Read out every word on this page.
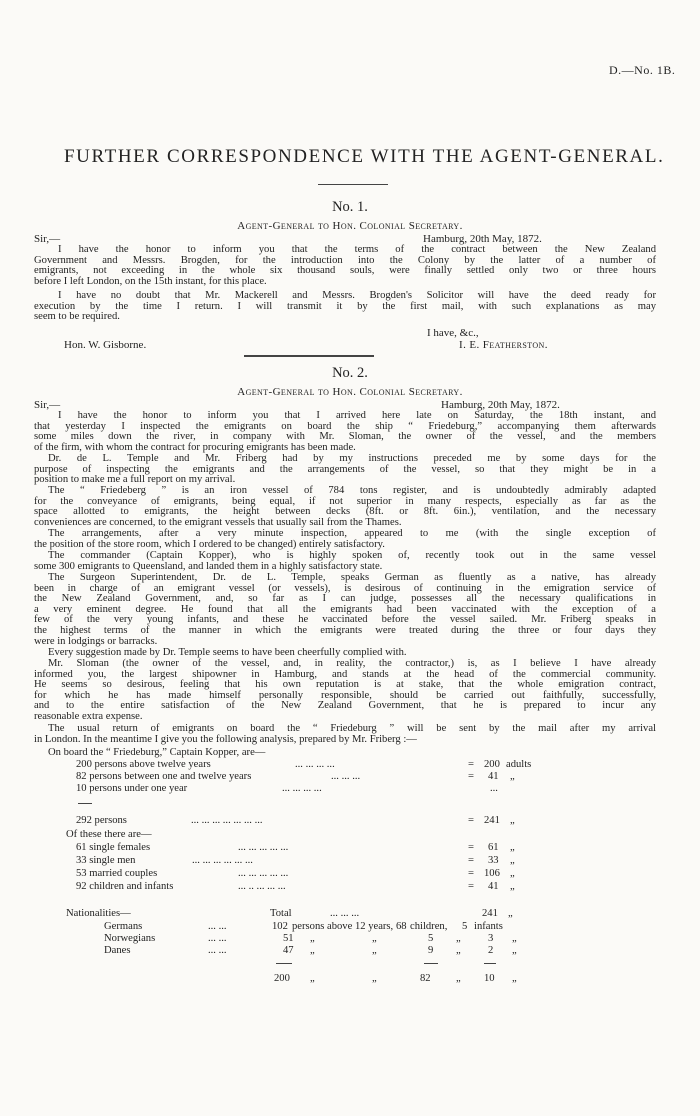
D.—No. 1B.
FURTHER CORRESPONDENCE WITH THE AGENT-GENERAL.
No. 1.
Agent-General to Hon. Colonial Secretary.
Sir,—	Hamburg, 20th May, 1872.
I have the honor to inform you that the terms of the contract between the New Zealand
Government and Messrs. Brogden, for the introduction into the Colony by the latter of a number of
emigrants, not exceeding in the whole six thousand souls, were finally settled only two or three hours
before I left London, on the 15th instant, for this place.
I have no doubt that Mr. Mackerell and Messrs. Brogden's Solicitor will have the deed ready for
execution by the time I return. I will transmit it by the first mail, with such explanations as may
seem to be required.
I have, &c.,
Hon. W. Gisborne.	I. E. Featherston.
No. 2.
Agent-General to Hon. Colonial Secretary.
Sir,—	Hamburg, 20th May, 1872.
I have the honor to inform you that I arrived here late on Saturday, the 18th instant, and
that yesterday I inspected the emigrants on board the ship “ Friedeburg,” accompanying them afterwards
some miles down the river, in company with Mr. Sloman, the owner of the vessel, and the members
of the firm, with whom the contract for procuring emigrants has been made.
Dr. de L. Temple and Mr. Friberg had by my instructions preceded me by some days for the
purpose of inspecting the emigrants and the arrangements of the vessel, so that they might be in a
position to make me a full report on my arrival.
The “ Friedeberg ” is an iron vessel of 784 tons register, and is undoubtedly admirably adapted
for the conveyance of emigrants, being equal, if not superior in many respects, especially as far as the
space allotted to emigrants, the height between decks (8ft. or 8ft. 6in.), ventilation, and the necessary
conveniences are concerned, to the emigrant vessels that usually sail from the Thames.
The arrangements, after a very minute inspection, appeared to me (with the single exception of
the position of the store room, which I ordered to be changed) entirely satisfactory.
The commander (Captain Kopper), who is highly spoken of, recently took out in the same vessel
some 300 emigrants to Queensland, and landed them in a highly satisfactory state.
The Surgeon Superintendent, Dr. de L. Temple, speaks German as fluently as a native, has already
been in charge of an emigrant vessel (or vessels), is desirous of continuing in the emigration service of
the New Zealand Government, and, so far as I can judge, possesses all the necessary qualifications in
a very eminent degree. He found that all the emigrants had been vaccinated with the exception of a
few of the very young infants, and these he vaccinated before the vessel sailed. Mr. Friberg speaks in
the highest terms of the manner in which the emigrants were treated during the three or four days they
were in lodgings or barracks.
Every suggestion made by Dr. Temple seems to have been cheerfully complied with.
Mr. Sloman (the owner of the vessel, and, in reality, the contractor,) is, as I believe I have already
informed you, the largest shipowner in Hamburg, and stands at the head of the commercial community.
He seems so desirous, feeling that his own reputation is at stake, that the whole emigration contract,
for which he has made himself personally responsible, should be carried out faithfully, successfully,
and to the entire satisfaction of the New Zealand Government, that he is prepared to incur any
reasonable extra expense.
The usual return of emigrants on board the “ Friedeburg ” will be sent by the mail after my arrival
in London. In the meantime I give you the following analysis, prepared by Mr. Friberg :—
On board the “ Friedeburg,” Captain Kopper, are—
200 persons above twelve years	... ... ... ...	= 200 adults
82 persons between one and twelve years	... ... ...	= 41 „
10 persons under one year	... ... ... ...	...
292 persons	... ... ... ... ... ... ...	= 241 „
Of these there are—
61 single females	... ... ... ... ...	= 61 „
33 single men	... ... ... ... ... ...	= 33 „
53 married couples	... ... ... ... ...	= 106 „
92 children and infants	... .. ... ... ...	= 41 „
Nationalities—	Total	... ... ...	241 „
Germans	... ...	102 persons above 12 years, 68 children, 5 infants
Norwegians	... ...	51 „	„	5 „	3 „
Danes	... ...	47 „	„	9 „	2 „
200 „	„	82 „ 10 „
